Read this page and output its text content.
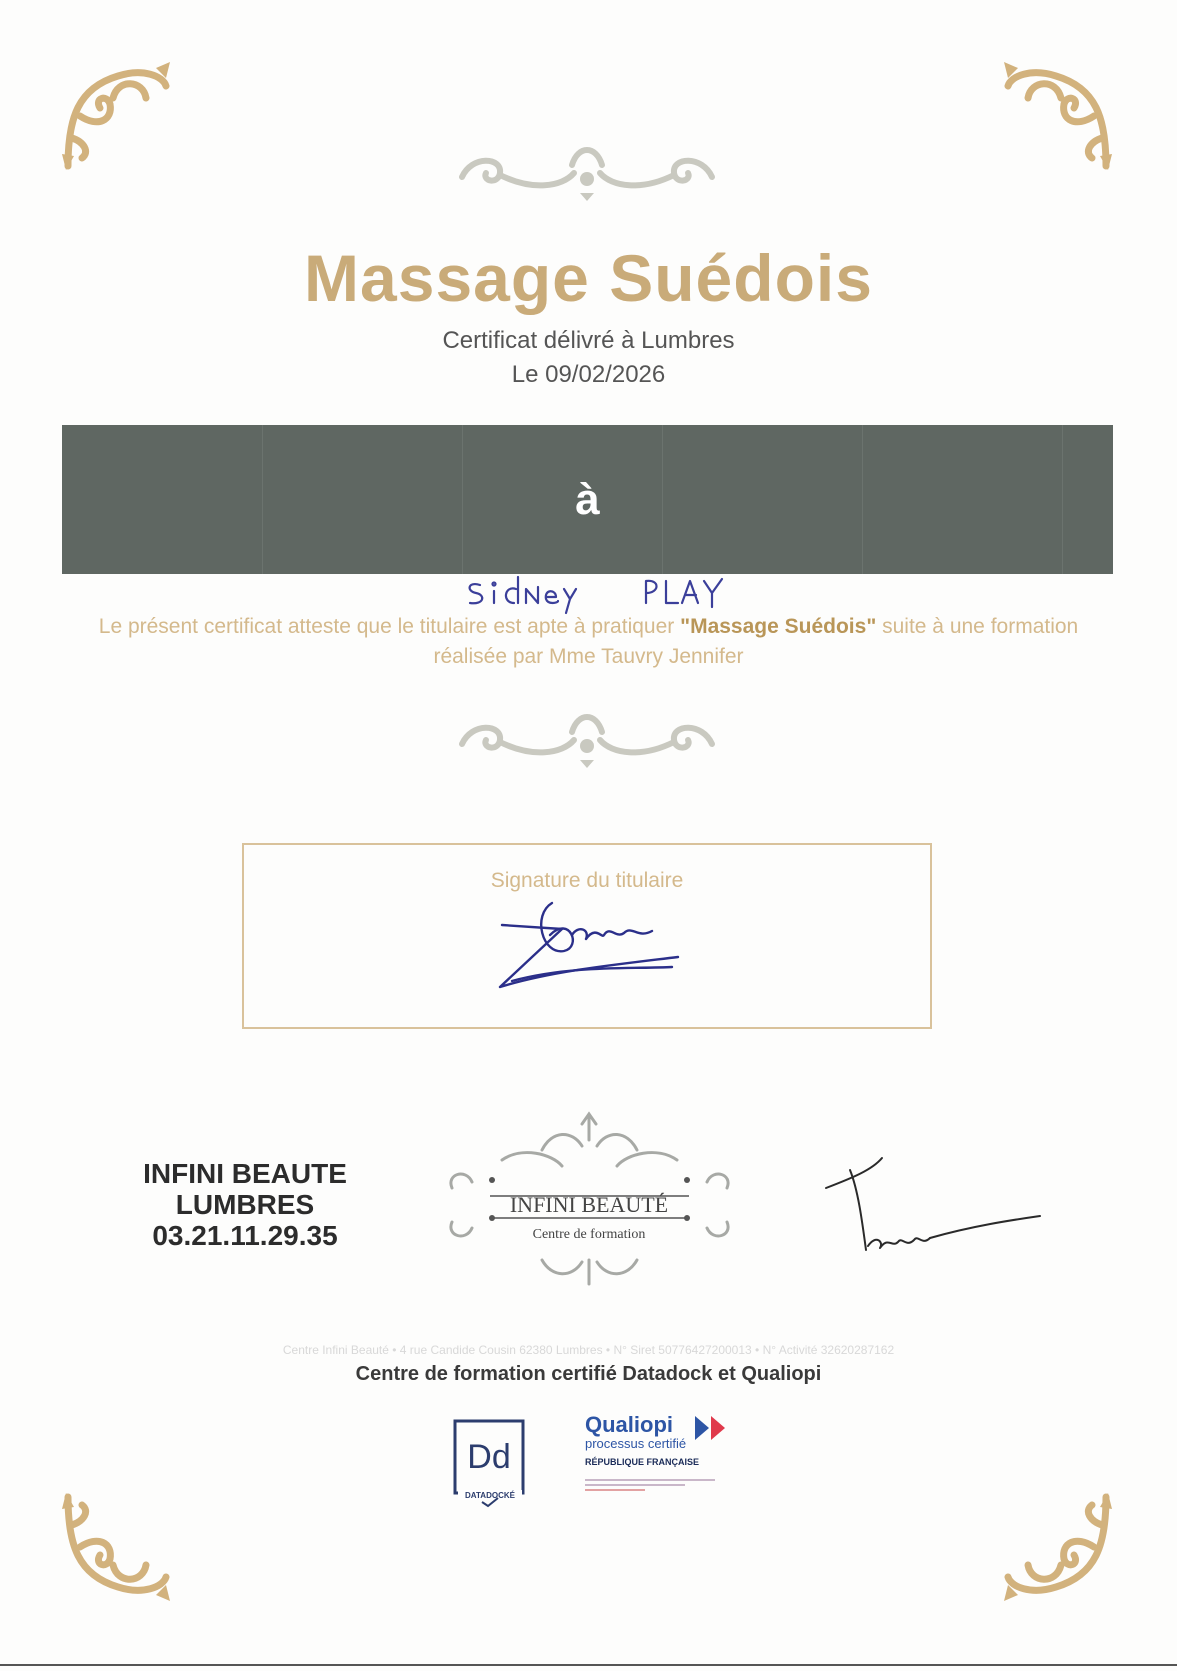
Massage Suédois
Certificat délivré à Lumbres
Le 09/02/2026
à
Le présent certificat atteste que le titulaire est apte à pratiquer "Massage Suédois" suite à une formation réalisée par Mme Tauvry Jennifer
Signature du titulaire
INFINI BEAUTE
LUMBRES
03.21.11.29.35
INFINI BEAUTÉ
Centre de formation
Centre Infini Beauté • 4 rue Candide Cousin 62380 Lumbres • N° Siret 50776427200013 • N° Activité 32620287162
Centre de formation certifié Datadock et Qualiopi
Dd
DATADOCKÉ
Qualiopi
processus certifié
RÉPUBLIQUE FRANÇAISE
